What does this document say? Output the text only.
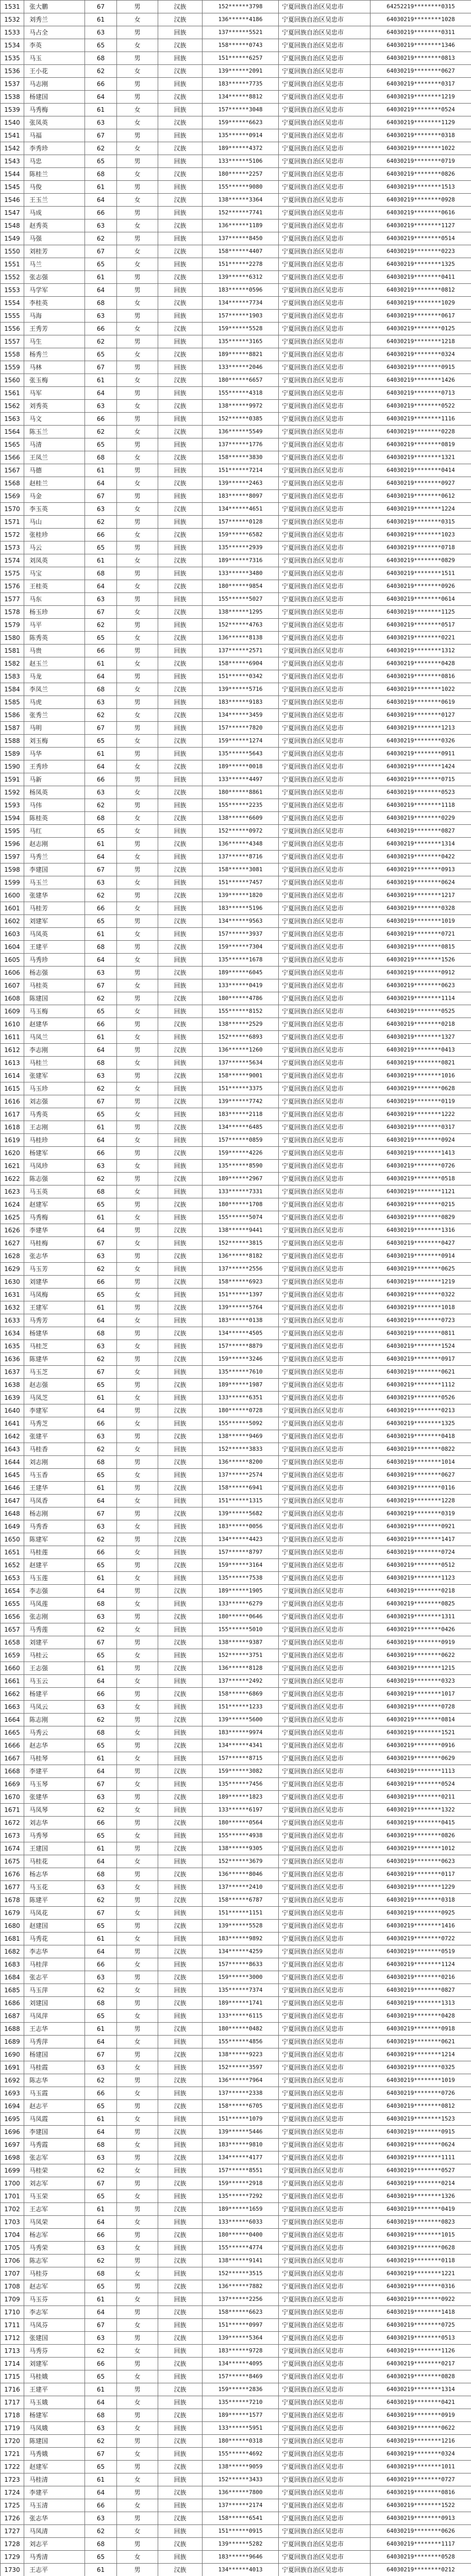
1531	张大鹏	67	男	汉族	152******3798	宁夏回族自治区吴忠市	64252219********0315
1532	刘秀兰	61	女	汉族	136******4186	宁夏回族自治区吴忠市	64030219********1028
1533	马占全	63	男	回族	137******5521	宁夏回族自治区吴忠市	64030219********0311
1534	李英	65	女	汉族	158******0743	宁夏回族自治区吴忠市	64030219********1346
1535	马玉	68	男	回族	151******6257	宁夏回族自治区吴忠市	64030219********0813
1536	王小花	62	女	汉族	139******2091	宁夏回族自治区吴忠市	64030219********0627
1537	马志刚	66	男	回族	183******7735	宁夏回族自治区吴忠市	64030219********0317
1538	杨建国	64	男	汉族	134******8812	宁夏回族自治区吴忠市	64030219********1219
1539	马秀梅	61	女	回族	157******3048	宁夏回族自治区吴忠市	64030219********0524
1540	张凤英	63	女	汉族	159******6623	宁夏回族自治区吴忠市	64030219********1129
1541	马福	67	男	回族	135******0914	宁夏回族自治区吴忠市	64030219********0318
1542	李秀珍	62	女	汉族	189******4372	宁夏回族自治区吴忠市	64030219********1022
1543	马忠	65	男	回族	133******5106	宁夏回族自治区吴忠市	64030219********0719
1544	陈桂兰	68	女	汉族	180******2257	宁夏回族自治区吴忠市	64030219********0826
1545	马俊	61	男	回族	155******9080	宁夏回族自治区吴忠市	64030219********1513
1546	王玉兰	64	女	汉族	138******3364	宁夏回族自治区吴忠市	64030219********0928
1547	马成	66	男	回族	152******7741	宁夏回族自治区吴忠市	64030219********0616
1548	赵秀英	63	女	汉族	136******1189	宁夏回族自治区吴忠市	64030219********1127
1549	马强	62	男	回族	137******8450	宁夏回族自治区吴忠市	64030219********0514
1550	刘桂芳	67	女	汉族	158******4407	宁夏回族自治区吴忠市	64030219********0223
1551	马兰	65	女	回族	151******2278	宁夏回族自治区吴忠市	64030219********1325
1552	张志强	61	男	汉族	139******6312	宁夏回族自治区吴忠市	64030219********0411
1553	马学军	64	男	回族	183******0596	宁夏回族自治区吴忠市	64030219********0812
1554	李桂英	68	女	汉族	134******7734	宁夏回族自治区吴忠市	64030219********1029
1555	马海	63	男	回族	157******1903	宁夏回族自治区吴忠市	64030219********0617
1556	王秀芳	66	女	汉族	159******5528	宁夏回族自治区吴忠市	64030219********0125
1557	马生	62	男	回族	135******3165	宁夏回族自治区吴忠市	64030219********1218
1558	杨秀兰	65	女	汉族	189******8821	宁夏回族自治区吴忠市	64030219********0324
1559	马林	67	男	回族	133******2046	宁夏回族自治区吴忠市	64030219********0915
1560	张玉梅	61	女	汉族	180******6657	宁夏回族自治区吴忠市	64030219********1426
1561	马军	64	男	回族	155******4318	宁夏回族自治区吴忠市	64030219********0713
1562	刘秀英	63	女	汉族	138******9972	宁夏回族自治区吴忠市	64030219********0522
1563	马文	66	男	回族	152******0385	宁夏回族自治区吴忠市	64030219********1116
1564	陈玉兰	62	女	汉族	136******5549	宁夏回族自治区吴忠市	64030219********0228
1565	马清	65	男	回族	137******1776	宁夏回族自治区吴忠市	64030219********0819
1566	王凤兰	68	女	汉族	158******3830	宁夏回族自治区吴忠市	64030219********1321
1567	马德	61	男	回族	151******7214	宁夏回族自治区吴忠市	64030219********0414
1568	赵桂兰	64	女	汉族	139******2463	宁夏回族自治区吴忠市	64030219********0927
1569	马金	67	男	回族	183******8097	宁夏回族自治区吴忠市	64030219********0612
1570	李玉英	63	女	汉族	134******4651	宁夏回族自治区吴忠市	64030219********1224
1571	马山	62	男	回族	157******0128	宁夏回族自治区吴忠市	64030219********0315
1572	张桂珍	66	女	汉族	159******6582	宁夏回族自治区吴忠市	64030219********1023
1573	马云	65	男	回族	135******2939	宁夏回族自治区吴忠市	64030219********0718
1574	刘凤英	61	女	汉族	189******7316	宁夏回族自治区吴忠市	64030219********0829
1575	马宝	68	男	回族	133******3480	宁夏回族自治区吴忠市	64030219********1511
1576	王桂英	64	女	汉族	180******9854	宁夏回族自治区吴忠市	64030219********0926
1577	马东	63	男	回族	155******5027	宁夏回族自治区吴忠市	64030219********0614
1578	杨玉珍	67	女	汉族	138******1295	宁夏回族自治区吴忠市	64030219********1125
1579	马平	62	男	回族	152******4763	宁夏回族自治区吴忠市	64030219********0517
1580	陈秀英	65	女	汉族	136******8138	宁夏回族自治区吴忠市	64030219********0221
1581	马贵	66	男	回族	137******2571	宁夏回族自治区吴忠市	64030219********1312
1582	赵玉兰	61	女	汉族	158******6904	宁夏回族自治区吴忠市	64030219********0428
1583	马龙	64	男	回族	151******0342	宁夏回族自治区吴忠市	64030219********0816
1584	李凤兰	68	女	汉族	139******5716	宁夏回族自治区吴忠市	64030219********1022
1585	马虎	63	男	回族	183******9183	宁夏回族自治区吴忠市	64030219********0619
1586	张秀兰	62	女	汉族	134******3459	宁夏回族自治区吴忠市	64030219********0127
1587	马明	67	男	回族	157******7820	宁夏回族自治区吴忠市	64030219********1213
1588	刘玉梅	65	女	汉族	159******1274	宁夏回族自治区吴忠市	64030219********0326
1589	马华	61	男	回族	135******5643	宁夏回族自治区吴忠市	64030219********0911
1590	王秀珍	64	女	汉族	189******0018	宁夏回族自治区吴忠市	64030219********1424
1591	马新	66	男	回族	133******4497	宁夏回族自治区吴忠市	64030219********0715
1592	杨凤英	63	女	汉族	180******8861	宁夏回族自治区吴忠市	64030219********0523
1593	马伟	62	男	回族	155******2235	宁夏回族自治区吴忠市	64030219********1118
1594	陈桂英	68	女	汉族	138******6609	宁夏回族自治区吴忠市	64030219********0229
1595	马红	65	女	回族	152******0972	宁夏回族自治区吴忠市	64030219********0827
1596	赵志刚	61	男	汉族	136******4348	宁夏回族自治区吴忠市	64030219********1314
1597	马秀兰	64	女	回族	137******8716	宁夏回族自治区吴忠市	64030219********0422
1598	李建国	67	男	汉族	158******3081	宁夏回族自治区吴忠市	64030219********0913
1599	马玉兰	63	女	回族	151******7457	宁夏回族自治区吴忠市	64030219********0624
1600	张建华	62	男	汉族	139******1820	宁夏回族自治区吴忠市	64030219********1217
1601	马桂芳	66	女	回族	183******5196	宁夏回族自治区吴忠市	64030219********0328
1602	刘建军	65	男	汉族	134******9563	宁夏回族自治区吴忠市	64030219********1019
1603	马凤英	61	女	回族	157******3937	宁夏回族自治区吴忠市	64030219********0721
1604	王建平	68	男	汉族	159******7304	宁夏回族自治区吴忠市	64030219********0815
1605	马秀珍	64	女	回族	135******1678	宁夏回族自治区吴忠市	64030219********1526
1606	杨志强	63	男	汉族	189******6045	宁夏回族自治区吴忠市	64030219********0912
1607	马桂英	67	女	回族	133******0419	宁夏回族自治区吴忠市	64030219********0623
1608	陈建国	62	男	汉族	180******4786	宁夏回族自治区吴忠市	64030219********1114
1609	马玉梅	65	女	回族	155******8152	宁夏回族自治区吴忠市	64030219********0525
1610	赵建华	66	男	汉族	138******2529	宁夏回族自治区吴忠市	64030219********0218
1611	马凤兰	61	女	回族	152******6893	宁夏回族自治区吴忠市	64030219********1327
1612	李志刚	64	男	汉族	136******1260	宁夏回族自治区吴忠市	64030219********0413
1613	马桂兰	68	女	回族	137******5634	宁夏回族自治区吴忠市	64030219********0821
1614	张建军	63	男	汉族	158******9001	宁夏回族自治区吴忠市	64030219********1016
1615	马玉珍	62	女	回族	151******3375	宁夏回族自治区吴忠市	64030219********0628
1616	刘志强	67	男	汉族	139******7742	宁夏回族自治区吴忠市	64030219********0119
1617	马秀英	65	女	回族	183******2118	宁夏回族自治区吴忠市	64030219********1222
1618	王志刚	61	男	汉族	134******6485	宁夏回族自治区吴忠市	64030219********0317
1619	马桂珍	64	女	回族	157******0859	宁夏回族自治区吴忠市	64030219********0924
1620	杨建军	66	男	汉族	159******4226	宁夏回族自治区吴忠市	64030219********1413
1621	马凤珍	63	女	回族	135******8590	宁夏回族自治区吴忠市	64030219********0726
1622	陈志强	62	男	汉族	189******2967	宁夏回族自治区吴忠市	64030219********0518
1623	马玉英	68	女	回族	133******7331	宁夏回族自治区吴忠市	64030219********1121
1624	赵建军	65	男	汉族	180******1708	宁夏回族自治区吴忠市	64030219********0215
1625	马秀梅	61	女	回族	155******5074	宁夏回族自治区吴忠市	64030219********0829
1626	李建华	64	男	汉族	138******9441	宁夏回族自治区吴忠市	64030219********1316
1627	马桂梅	67	女	回族	152******3815	宁夏回族自治区吴忠市	64030219********0427
1628	张志华	63	男	汉族	136******8182	宁夏回族自治区吴忠市	64030219********0914
1629	马玉芳	62	女	回族	137******2556	宁夏回族自治区吴忠市	64030219********0625
1630	刘建华	66	男	汉族	158******6923	宁夏回族自治区吴忠市	64030219********1219
1631	马凤梅	65	女	回族	151******1397	宁夏回族自治区吴忠市	64030219********0322
1632	王建军	61	男	汉族	139******5764	宁夏回族自治区吴忠市	64030219********1018
1633	马秀芳	64	女	回族	183******0138	宁夏回族自治区吴忠市	64030219********0723
1634	杨建华	68	男	汉族	134******4505	宁夏回族自治区吴忠市	64030219********0811
1635	马桂芝	63	女	回族	157******8879	宁夏回族自治区吴忠市	64030219********1524
1636	陈建华	62	男	汉族	159******3246	宁夏回族自治区吴忠市	64030219********0917
1637	马玉芝	67	女	回族	135******7610	宁夏回族自治区吴忠市	64030219********0621
1638	赵志强	65	男	汉族	189******1987	宁夏回族自治区吴忠市	64030219********1112
1639	马凤芝	61	女	回族	133******6351	宁夏回族自治区吴忠市	64030219********0526
1640	李建军	64	男	汉族	180******0728	宁夏回族自治区吴忠市	64030219********0213
1641	马秀芝	66	女	回族	155******5092	宁夏回族自治区吴忠市	64030219********1325
1642	张建平	63	男	汉族	138******9469	宁夏回族自治区吴忠市	64030219********0418
1643	马桂香	62	女	回族	152******3833	宁夏回族自治区吴忠市	64030219********0822
1644	刘志刚	68	男	汉族	136******8200	宁夏回族自治区吴忠市	64030219********1014
1645	马玉香	65	女	回族	137******2574	宁夏回族自治区吴忠市	64030219********0627
1646	王建华	61	男	汉族	158******6941	宁夏回族自治区吴忠市	64030219********0116
1647	马凤香	64	女	回族	151******1315	宁夏回族自治区吴忠市	64030219********1228
1648	杨志刚	67	男	汉族	139******5682	宁夏回族自治区吴忠市	64030219********0319
1649	马秀香	63	女	回族	183******0056	宁夏回族自治区吴忠市	64030219********0921
1650	陈建军	62	男	汉族	134******4423	宁夏回族自治区吴忠市	64030219********1417
1651	马桂莲	66	女	回族	157******8797	宁夏回族自治区吴忠市	64030219********0724
1652	赵建平	65	男	汉族	159******3164	宁夏回族自治区吴忠市	64030219********0512
1653	马玉莲	61	女	回族	135******7538	宁夏回族自治区吴忠市	64030219********1123
1654	李志强	64	男	汉族	189******1905	宁夏回族自治区吴忠市	64030219********0218
1655	马凤莲	68	女	回族	133******6279	宁夏回族自治区吴忠市	64030219********0825
1656	张志刚	63	男	汉族	180******0646	宁夏回族自治区吴忠市	64030219********1311
1657	马秀莲	62	女	回族	155******5010	宁夏回族自治区吴忠市	64030219********0426
1658	刘建平	67	男	汉族	138******9387	宁夏回族自治区吴忠市	64030219********0919
1659	马桂云	65	女	回族	152******3751	宁夏回族自治区吴忠市	64030219********0622
1660	王志强	61	男	汉族	136******8128	宁夏回族自治区吴忠市	64030219********1215
1661	马玉云	64	女	回族	137******2492	宁夏回族自治区吴忠市	64030219********0323
1662	杨建平	66	男	汉族	158******6869	宁夏回族自治区吴忠市	64030219********1017
1663	马凤云	63	女	回族	151******1233	宁夏回族自治区吴忠市	64030219********0728
1664	陈志刚	62	男	汉族	139******5600	宁夏回族自治区吴忠市	64030219********0814
1665	马秀云	68	女	回族	183******9974	宁夏回族自治区吴忠市	64030219********1521
1666	赵志华	65	男	汉族	134******4341	宁夏回族自治区吴忠市	64030219********0916
1667	马桂琴	61	女	回族	157******8715	宁夏回族自治区吴忠市	64030219********0629
1668	李建平	64	男	汉族	159******3082	宁夏回族自治区吴忠市	64030219********1113
1669	马玉琴	67	女	回族	135******7456	宁夏回族自治区吴忠市	64030219********0524
1670	张建华	63	男	汉族	189******1823	宁夏回族自治区吴忠市	64030219********0211
1671	马凤琴	62	女	回族	133******6197	宁夏回族自治区吴忠市	64030219********1322
1672	刘志华	66	男	汉族	180******0564	宁夏回族自治区吴忠市	64030219********0415
1673	马秀琴	65	女	回族	155******4938	宁夏回族自治区吴忠市	64030219********0826
1674	王建国	61	男	汉族	138******9305	宁夏回族自治区吴忠市	64030219********1012
1675	马桂花	64	女	回族	152******3679	宁夏回族自治区吴忠市	64030219********0623
1676	杨志华	68	男	汉族	136******8046	宁夏回族自治区吴忠市	64030219********0117
1677	马玉花	63	女	回族	137******2410	宁夏回族自治区吴忠市	64030219********1229
1678	陈建平	62	男	汉族	158******6787	宁夏回族自治区吴忠市	64030219********0318
1679	马凤花	67	女	回族	151******1151	宁夏回族自治区吴忠市	64030219********0925
1680	赵建国	65	男	汉族	139******5528	宁夏回族自治区吴忠市	64030219********1416
1681	马秀花	61	女	回族	183******9892	宁夏回族自治区吴忠市	64030219********0722
1682	李志华	64	男	汉族	134******4259	宁夏回族自治区吴忠市	64030219********0519
1683	马桂萍	66	女	回族	157******8633	宁夏回族自治区吴忠市	64030219********1124
1684	张志平	63	男	汉族	159******3000	宁夏回族自治区吴忠市	64030219********0216
1685	马玉萍	62	女	回族	135******7374	宁夏回族自治区吴忠市	64030219********0827
1686	刘建国	68	男	汉族	189******1741	宁夏回族自治区吴忠市	64030219********1313
1687	马凤萍	65	女	回族	133******6115	宁夏回族自治区吴忠市	64030219********0428
1688	王志华	61	男	汉族	180******0482	宁夏回族自治区吴忠市	64030219********0918
1689	马秀萍	64	女	回族	155******4856	宁夏回族自治区吴忠市	64030219********0621
1690	杨建国	67	男	汉族	138******9223	宁夏回族自治区吴忠市	64030219********1214
1691	马桂霞	63	女	回族	152******3597	宁夏回族自治区吴忠市	64030219********0325
1692	陈志华	62	男	汉族	136******7964	宁夏回族自治区吴忠市	64030219********1019
1693	马玉霞	66	女	回族	137******2338	宁夏回族自治区吴忠市	64030219********0726
1694	赵志平	65	男	汉族	158******6705	宁夏回族自治区吴忠市	64030219********0812
1695	马凤霞	61	女	回族	151******1079	宁夏回族自治区吴忠市	64030219********1523
1696	李建国	64	男	汉族	139******5446	宁夏回族自治区吴忠市	64030219********0915
1697	马秀霞	68	女	回族	183******9810	宁夏回族自治区吴忠市	64030219********0624
1698	张志军	63	男	汉族	134******4177	宁夏回族自治区吴忠市	64030219********1111
1699	马桂荣	62	女	回族	157******8551	宁夏回族自治区吴忠市	64030219********0527
1700	刘志军	67	男	汉族	159******2918	宁夏回族自治区吴忠市	64030219********0214
1701	马玉荣	65	女	回族	135******7292	宁夏回族自治区吴忠市	64030219********1326
1702	王志军	61	男	汉族	189******1659	宁夏回族自治区吴忠市	64030219********0419
1703	马凤荣	64	女	回族	133******6033	宁夏回族自治区吴忠市	64030219********0823
1704	杨志军	66	男	汉族	180******0400	宁夏回族自治区吴忠市	64030219********1015
1705	马秀荣	63	女	回族	155******4774	宁夏回族自治区吴忠市	64030219********0628
1706	陈志军	62	男	汉族	138******9141	宁夏回族自治区吴忠市	64030219********0118
1707	马桂芬	68	女	回族	152******3515	宁夏回族自治区吴忠市	64030219********1221
1708	赵志军	65	男	汉族	136******7882	宁夏回族自治区吴忠市	64030219********0316
1709	马玉芬	61	女	回族	137******2256	宁夏回族自治区吴忠市	64030219********0922
1710	李志军	64	男	汉族	158******6623	宁夏回族自治区吴忠市	64030219********1418
1711	马凤芬	67	女	回族	151******0997	宁夏回族自治区吴忠市	64030219********0725
1712	张建国	63	男	汉族	139******5364	宁夏回族自治区吴忠市	64030219********0513
1713	马秀芬	62	女	回族	183******9728	宁夏回族自治区吴忠市	64030219********1126
1714	刘建军	66	男	汉族	134******4095	宁夏回族自治区吴忠市	64030219********0217
1715	马桂娥	65	女	回族	157******8469	宁夏回族自治区吴忠市	64030219********0828
1716	王建平	61	男	汉族	159******2836	宁夏回族自治区吴忠市	64030219********1314
1717	马玉娥	64	女	回族	135******7210	宁夏回族自治区吴忠市	64030219********0421
1718	杨建军	68	男	汉族	189******1577	宁夏回族自治区吴忠市	64030219********0919
1719	马凤娥	63	女	回族	133******5951	宁夏回族自治区吴忠市	64030219********0622
1720	陈建国	62	男	汉族	180******0318	宁夏回族自治区吴忠市	64030219********1216
1721	马秀娥	67	女	回族	155******4692	宁夏回族自治区吴忠市	64030219********0324
1722	赵建军	65	男	汉族	138******9059	宁夏回族自治区吴忠市	64030219********1011
1723	马桂清	61	女	回族	152******3433	宁夏回族自治区吴忠市	64030219********0727
1724	李建平	64	男	汉族	136******7800	宁夏回族自治区吴忠市	64030219********0816
1725	马玉清	66	女	回族	137******2174	宁夏回族自治区吴忠市	64030219********1522
1726	张志华	63	男	汉族	158******6541	宁夏回族自治区吴忠市	64030219********0913
1727	马凤清	62	女	回族	151******0915	宁夏回族自治区吴忠市	64030219********0626
1728	刘志平	68	男	汉族	139******5282	宁夏回族自治区吴忠市	64030219********1117
1729	马秀清	65	女	回族	183******9646	宁夏回族自治区吴忠市	64030219********0528
1730	王志平	61	男	汉族	134******4013	宁夏回族自治区吴忠市	64030219********0212
